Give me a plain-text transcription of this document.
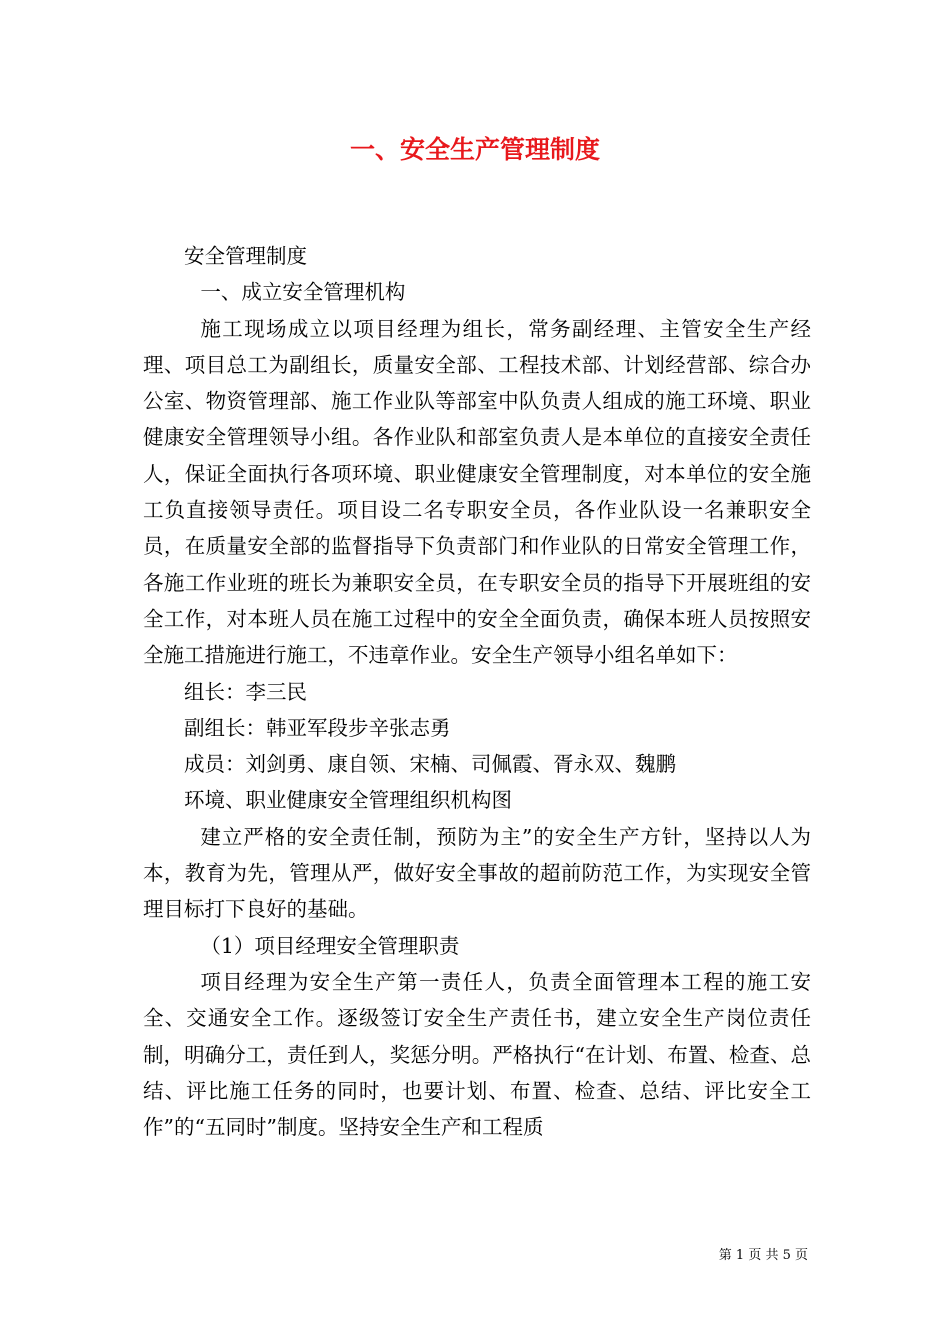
一、安全生产管理制度

安全管理制度

一、成立安全管理机构

施工现场成立以项目经理为组长，常务副经理、主管安全生产经理、项目总工为副组长，质量安全部、工程技术部、计划经营部、综合办公室、物资管理部、施工作业队等部室中队负责人组成的施工环境、职业健康安全管理领导小组。各作业队和部室负责人是本单位的直接安全责任人，保证全面执行各项环境、职业健康安全管理制度，对本单位的安全施工负直接领导责任。项目设二名专职安全员，各作业队设一名兼职安全员，在质量安全部的监督指导下负责部门和作业队的日常安全管理工作，各施工作业班的班长为兼职安全员，在专职安全员的指导下开展班组的安全工作，对本班人员在施工过程中的安全全面负责，确保本班人员按照安全施工措施进行施工，不违章作业。安全生产领导小组名单如下：

组长：李三民

副组长：韩亚军段步辛张志勇

成员：刘剑勇、康自领、宋楠、司佩霞、胥永双、魏鹏

环境、职业健康安全管理组织机构图

建立严格的安全责任制，预防为主”的安全生产方针，坚持以人为本，教育为先，管理从严，做好安全事故的超前防范工作，为实现安全管理目标打下良好的基础。

（1）项目经理安全管理职责

项目经理为安全生产第一责任人，负责全面管理本工程的施工安全、交通安全工作。逐级签订安全生产责任书，建立安全生产岗位责任制，明确分工，责任到人，奖惩分明。严格执行“在计划、布置、检查、总结、评比施工任务的同时，也要计划、布置、检查、总结、评比安全工作”的“五同时”制度。坚持安全生产和工程质

第 1 页 共 5 页
